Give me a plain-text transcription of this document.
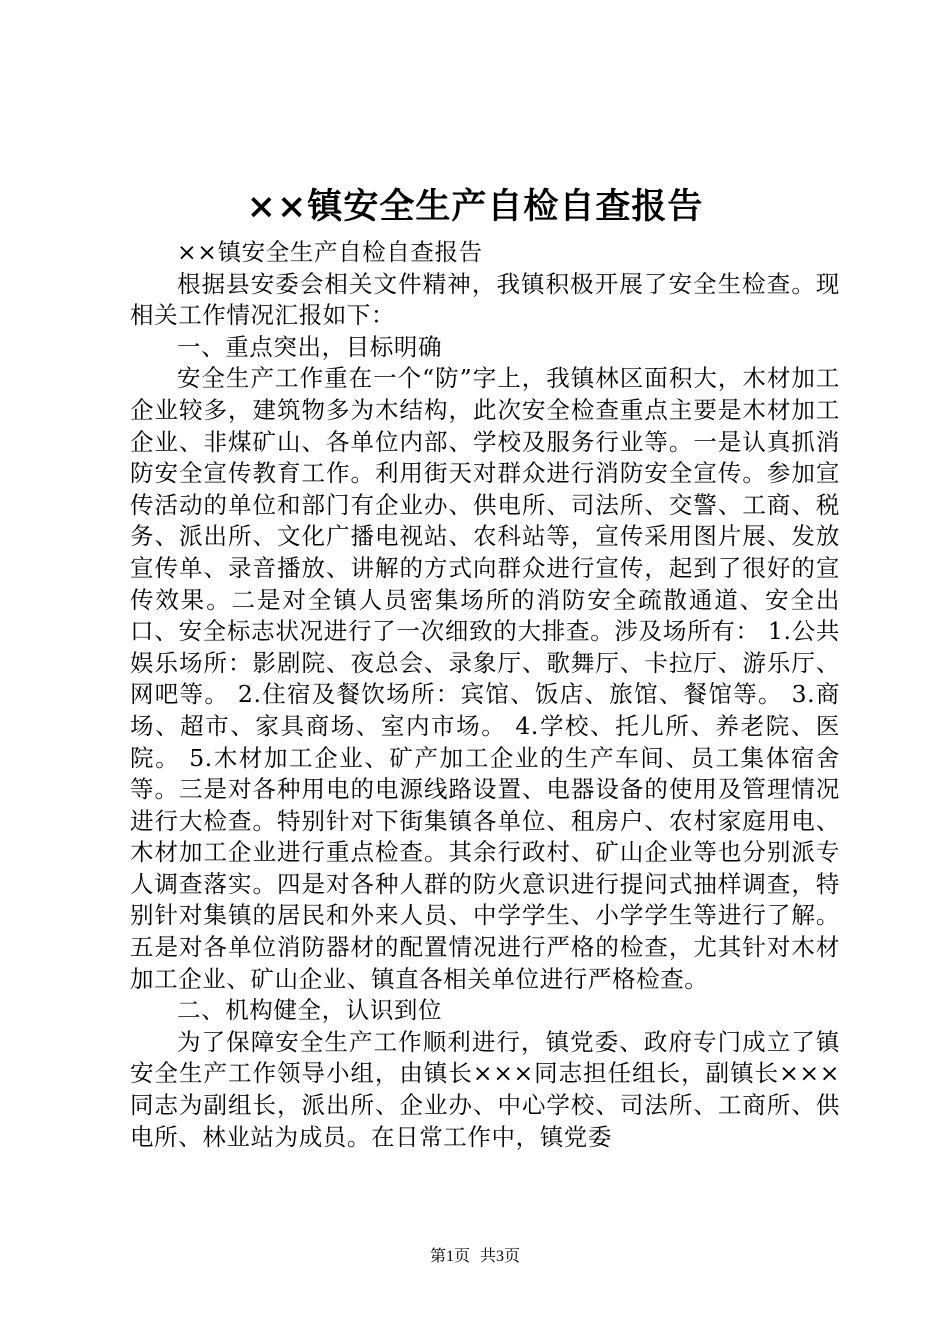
××镇安全生产自检自查报告

××镇安全生产自检自查报告

根据县安委会相关文件精神，我镇积极开展了安全生检查。现相关工作情况汇报如下：

一、重点突出，目标明确

安全生产工作重在一个“防”字上，我镇林区面积大，木材加工企业较多，建筑物多为木结构，此次安全检查重点主要是木材加工企业、非煤矿山、各单位内部、学校及服务行业等。一是认真抓消防安全宣传教育工作。利用街天对群众进行消防安全宣传。参加宣传活动的单位和部门有企业办、供电所、司法所、交警、工商、税务、派出所、文化广播电视站、农科站等，宣传采用图片展、发放宣传单、录音播放、讲解的方式向群众进行宣传，起到了很好的宣传效果。二是对全镇人员密集场所的消防安全疏散通道、安全出口、安全标志状况进行了一次细致的大排查。涉及场所有： 1.公共娱乐场所：影剧院、夜总会、录象厅、歌舞厅、卡拉厅、游乐厅、网吧等。 2.住宿及餐饮场所：宾馆、饭店、旅馆、餐馆等。 3.商场、超市、家具商场、室内市场。 4.学校、托儿所、养老院、医院。 5.木材加工企业、矿产加工企业的生产车间、员工集体宿舍等。三是对各种用电的电源线路设置、电器设备的使用及管理情况进行大检查。特别针对下街集镇各单位、租房户、农村家庭用电、木材加工企业进行重点检查。其余行政村、矿山企业等也分别派专人调查落实。四是对各种人群的防火意识进行提问式抽样调查，特别针对集镇的居民和外来人员、中学学生、小学学生等进行了解。五是对各单位消防器材的配置情况进行严格的检查，尤其针对木材加工企业、矿山企业、镇直各相关单位进行严格检查。

二、机构健全，认识到位

为了保障安全生产工作顺利进行，镇党委、政府专门成立了镇安全生产工作领导小组，由镇长×××同志担任组长，副镇长×××同志为副组长，派出所、企业办、中心学校、司法所、工商所、供电所、林业站为成员。在日常工作中，镇党委

第1页 共3页
